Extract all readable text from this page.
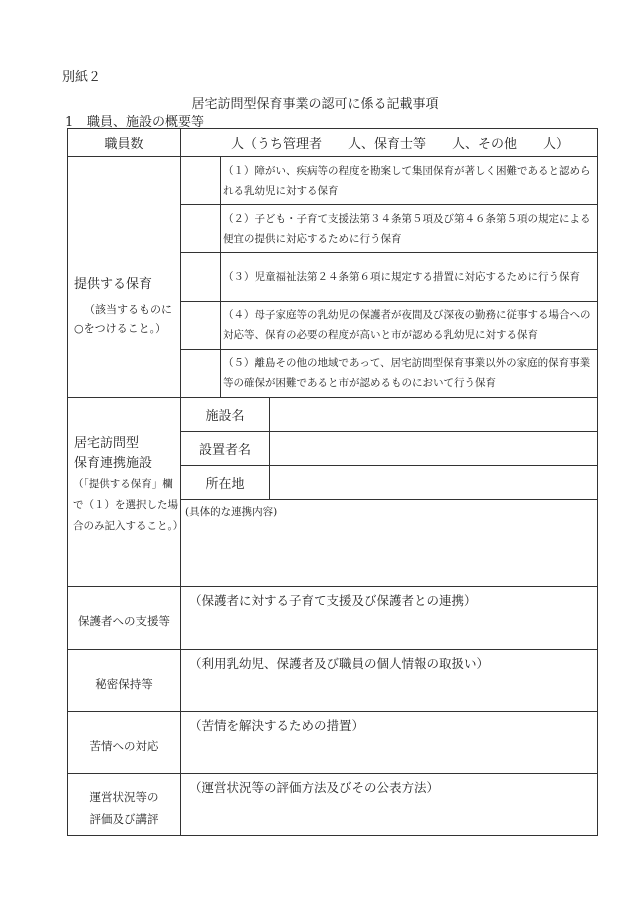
別紙２
居宅訪問型保育事業の認可に係る記載事項
1 職員、施設の概要等
職員数	人（うち管理者　　人、保育士等　　人、その他　　人）		

提供する保育
（該当するものに
○をつけること。）		（１）障がい、疾病等の程度を勘案して集団保育が著しく困難であると認められる乳幼児に対する保育	
		（２）子ども・子育て支援法第３４条第５項及び第４６条第５項の規定による便宜の提供に対応するために行う保育	
		（３）児童福祉法第２４条第６項に規定する措置に対応するために行う保育	
		（４）母子家庭等の乳幼児の保護者が夜間及び深夜の勤務に従事する場合への対応等、保育の必要の程度が高いと市が認める乳幼児に対する保育	
		（５）離島その他の地域であって、居宅訪問型保育事業以外の家庭的保育事業等の確保が困難であると市が認めるものにおいて行う保育	

居宅訪問型
保育連携施設
（「提供する保育」欄で（１）を選択した場合のみ記入すること。）	施設名		
	設置者名		
	所在地		
	(具体的な連携内容)		
保護者への支援等	（保護者に対する子育て支援及び保護者との連携）		
秘密保持等	（利用乳幼児、保護者及び職員の個人情報の取扱い）		
苦情への対応	（苦情を解決するための措置）		
運営状況等の
評価及び講評	（運営状況等の評価方法及びその公表方法）		
